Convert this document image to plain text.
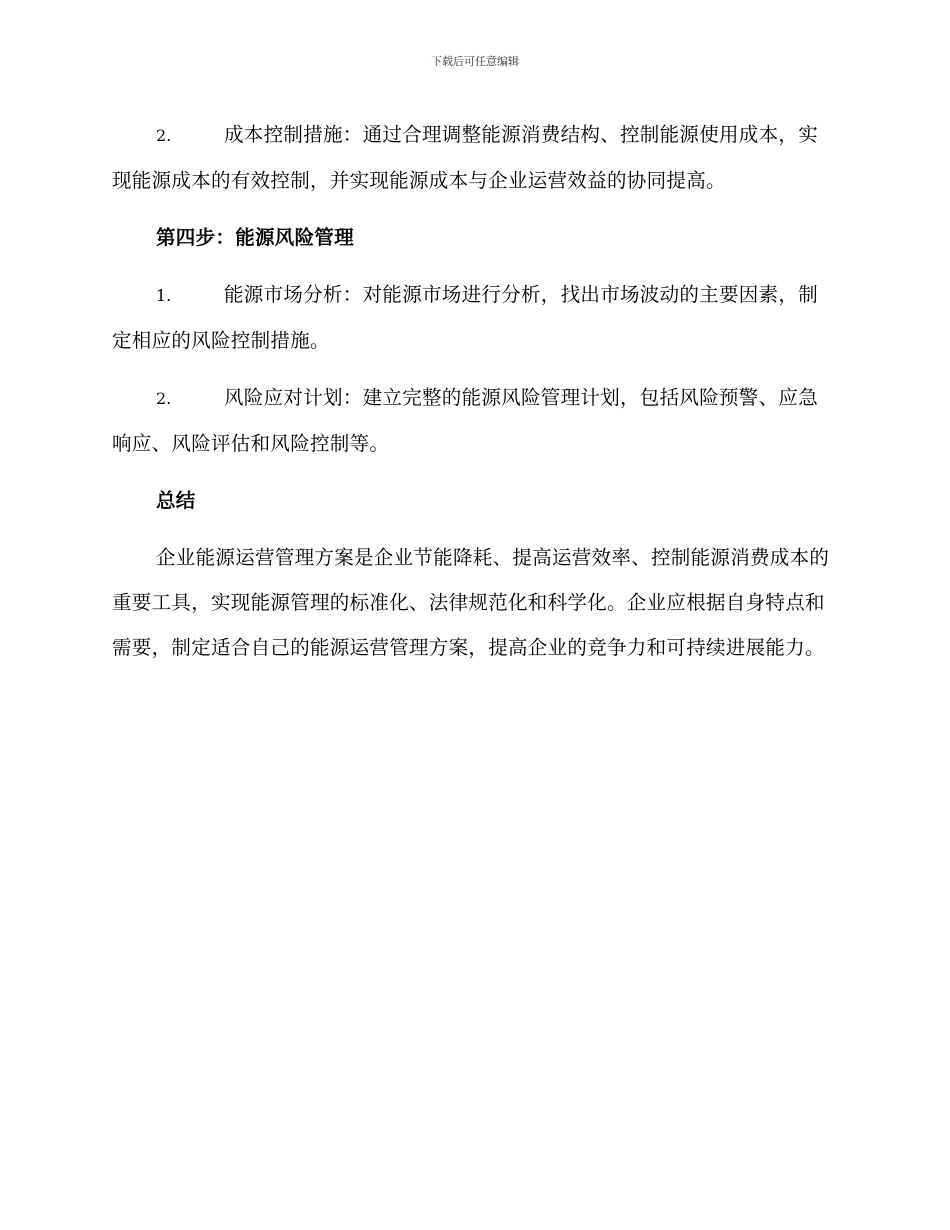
下载后可任意编辑

2.	成本控制措施：通过合理调整能源消费结构、控制能源使用成本，实现能源成本的有效控制，并实现能源成本与企业运营效益的协同提高。

第四步：能源风险管理

1.	能源市场分析：对能源市场进行分析，找出市场波动的主要因素，制定相应的风险控制措施。

2.	风险应对计划：建立完整的能源风险管理计划，包括风险预警、应急响应、风险评估和风险控制等。

总结

企业能源运营管理方案是企业节能降耗、提高运营效率、控制能源消费成本的重要工具，实现能源管理的标准化、法律规范化和科学化。企业应根据自身特点和需要，制定适合自己的能源运营管理方案，提高企业的竞争力和可持续进展能力。
